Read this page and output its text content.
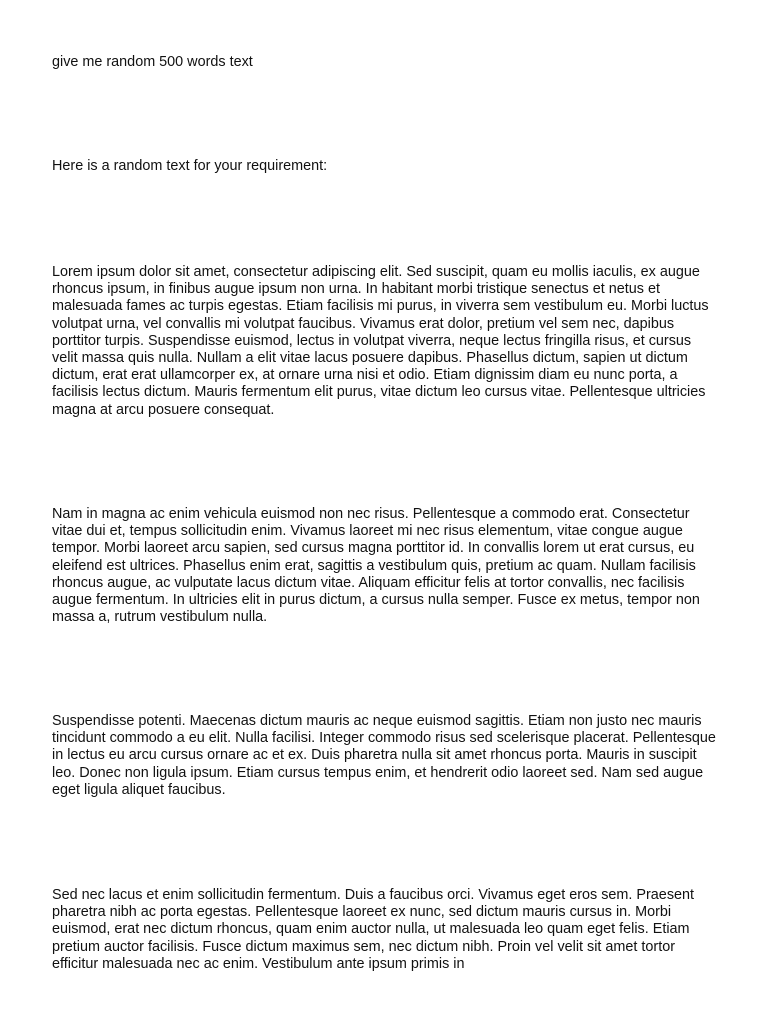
give me random 500 words text

Here is a random text for your requirement:

Lorem ipsum dolor sit amet, consectetur adipiscing elit. Sed suscipit, quam eu mollis iaculis, ex augue rhoncus ipsum, in finibus augue ipsum non urna. In habitant morbi tristique senectus et netus et malesuada fames ac turpis egestas. Etiam facilisis mi purus, in viverra sem vestibulum eu. Morbi luctus volutpat urna, vel convallis mi volutpat faucibus. Vivamus erat dolor, pretium vel sem nec, dapibus porttitor turpis. Suspendisse euismod, lectus in volutpat viverra, neque lectus fringilla risus, et cursus velit massa quis nulla. Nullam a elit vitae lacus posuere dapibus. Phasellus dictum, sapien ut dictum dictum, erat erat ullamcorper ex, at ornare urna nisi et odio. Etiam dignissim diam eu nunc porta, a facilisis lectus dictum. Mauris fermentum elit purus, vitae dictum leo cursus vitae. Pellentesque ultricies magna at arcu posuere consequat.

Nam in magna ac enim vehicula euismod non nec risus. Pellentesque a commodo erat. Consectetur vitae dui et, tempus sollicitudin enim. Vivamus laoreet mi nec risus elementum, vitae congue augue tempor. Morbi laoreet arcu sapien, sed cursus magna porttitor id. In convallis lorem ut erat cursus, eu eleifend est ultrices. Phasellus enim erat, sagittis a vestibulum quis, pretium ac quam. Nullam facilisis rhoncus augue, ac vulputate lacus dictum vitae. Aliquam efficitur felis at tortor convallis, nec facilisis augue fermentum. In ultricies elit in purus dictum, a cursus nulla semper. Fusce ex metus, tempor non massa a, rutrum vestibulum nulla.

Suspendisse potenti. Maecenas dictum mauris ac neque euismod sagittis. Etiam non justo nec mauris tincidunt commodo a eu elit. Nulla facilisi. Integer commodo risus sed scelerisque placerat. Pellentesque in lectus eu arcu cursus ornare ac et ex. Duis pharetra nulla sit amet rhoncus porta. Mauris in suscipit leo. Donec non ligula ipsum. Etiam cursus tempus enim, et hendrerit odio laoreet sed. Nam sed augue eget ligula aliquet faucibus.

Sed nec lacus et enim sollicitudin fermentum. Duis a faucibus orci. Vivamus eget eros sem. Praesent pharetra nibh ac porta egestas. Pellentesque laoreet ex nunc, sed dictum mauris cursus in. Morbi euismod, erat nec dictum rhoncus, quam enim auctor nulla, ut malesuada leo quam eget felis. Etiam pretium auctor facilisis. Fusce dictum maximus sem, nec dictum nibh. Proin vel velit sit amet tortor efficitur malesuada nec ac enim. Vestibulum ante ipsum primis in
